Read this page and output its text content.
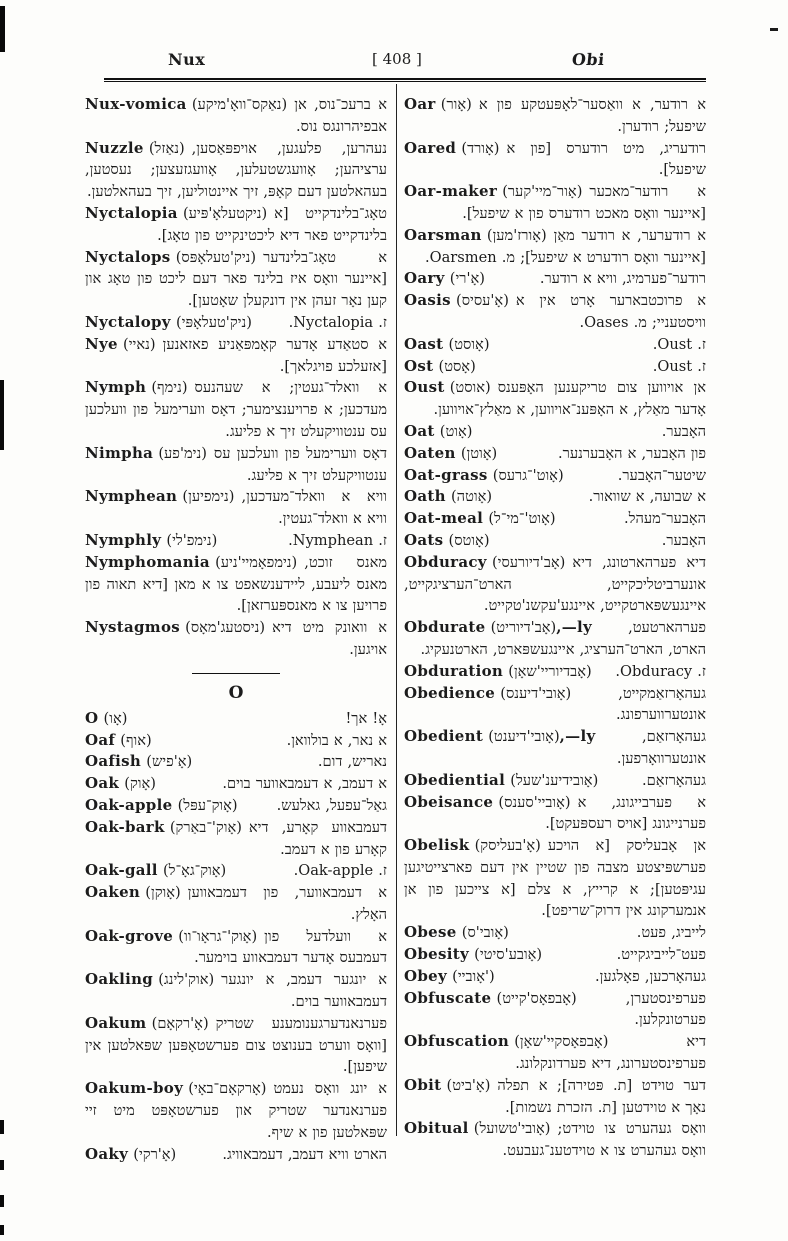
Nux	[ 408 ]	Obi

Nux-vomica (נאַקס־וואָ'מיקע) א ברעכ־נוס, אן אבפיהרונגס נוס.

Nuzzle (נאַזל) נעהרען, פלעגען, אויפפּאַסען, ערציהען; אָוועגשטעלען, אָוועגזעצען; נעסטען, בעהאלטען דעם קאָפּ, זיך איינטוליען, זיך בעהאלטען.

Nyctalopia (ניקטעלאָ'פּיע) טאָג־בלינדקייט [א בלינדקייט פאר דיא ליכטינקייט פון טאָג].

Nyctalops (ניק'טעלאָפּס) א טאָג־בלינדער [איינער וואָס איז בלינד פאר דעם ליכט פון טאָג און קען נאָר זעהן אין דונקעלן שאָטען].

Nyctalopy (ניק'טעלאָפּי)	ז. Nyctalopia.

Nye (נאיי) א סטאַדע אָדער קאָמפּאַניע פאזאנען [אזעלכע פויגלאך].

Nymph (נימף) א וואלד־געטין; א שעהנעס מעדכען; א פרויענצימער; דאָס ווערימעל פון וועלכען עס ענטוויקעלט זיך א פליעג.

Nimpha (נימ'פע) דאָס ווערימעל פון וועלכען עס ענטוויקעלט זיך א פליעג.

Nymphean (נימפיען) וויא א וואלד־מעדכען, וויא א וואלד־געטין.

Nymphly (נימפ'לי)	ז. Nymphean.

Nymphomania (נימפאָמיי'ניע) מאנס זוכט, מאנס ליעבע, ליידענשאפט צו א מאן [דיא תאוה פון פרויען צו א מאנספּערזאן].

Nystagmos (ניסטעג'מאָס) א וואונק מיט דיא אויגען.

O

O (אָו)	אָ! אך!

Oaf (אוף)	א נאר, א בולוואן.

Oafish (אָ'פיש)	נאריש, דום.

Oak (אָוק)	א דעמב, א דעמבאווער בוים.

Oak-apple (אָוק־עפּל)	גאַל־עפעל, גאלעש.

Oak-bark (אָוק'־באַרק) דעמבאווע קאָרע, דיא קאָרע פון א דעמב.

Oak-gall (אָוק־גאָ־ל)	ז. Oak-apple.

Oaken (אָוקן) א דעמבאווער, פון דעמבאווען האָלץ.

Oak-grove (אָוק'־גראָו־וו) א וועלדעל פון דעמבעס אָדער דעמבאווע בוימער.

Oakling (אוק'לינג) א יונגער דעמב, א יונגער דעמבאווער בוים.

Oakum (אָ'רקאָם) פערנאנדערגענומענע שטריק [וואָס ווערט בענוצט צום פערשטאָפּען שפּאלטען אין שיפען].

Oakum-boy (אָרקאָם־באָי) א יונג וואָס נעמט פערנאנדער שטריק און פערשטאָפּט מיט זיי שפּאלטען פון א שיף.

Oaky (אָ'רקי)	הארט וויא דעמב, דעמבאוויג.

Oar (אָור) א רודער, א וואַסער־לאָפּעטקע פון א שיפעל; רודערן.

Oared (אָורד) רודעריג, מיט רודערס [פון א שיפעל].

Oar-maker (אָור־מיי'קער) א רודער־מאכער [איינער וואָס מאכט רודערס פון א שיפעל].

Oarsman (אָורז'מען) א רודערער, א רודער מאַן [איינער וואָס רודערט א שיפעל]; מ. Oarsmen.

Oary (אָ'רי)	רודער־פערמיג, וויא א רודער.

Oasis (אָ'עסיס) א פרוכטבארער אָרט אין א וויסטעניי; מ. Oases.

Oast (אָוסט)	ז. Oust.

Ost (אָסט)	ז. Oust.

Oust (אוסט) אן אויווען צום טריקענען האָפּענס אָדער מאַלץ, א האָפּענ־אויווען, א מאַלץ־אויווען.

Oat (אָוט)	האָבער.

Oaten (אָוטן)	פון האָבער, א האָבערנער.

Oat-grass (אָוט'־גרעס)	שיטער־האָבער.

Oath (אָוטה)	א שבועה, א שוואור.

Oat-meal (אָוט'־מי־ל)	האָבער־מעהל.

Oats (אָוטס)	האָבער.

Obduracy (אָב'דיורעסי) דיא פערהארטונג, דיא אונערביטליכקייט, הארט־הערציגקייט, איינגעשפּארטקייט, איינגע'עקשנ'טקייט.

Obdurate (אָב'דיוריט),—ly פערהארטעט, הארט, הארט־הערציג, איינגעשפּארט, הארטנעקיג.

Obduration (אָבדיוריי'שאָן) ז. Obduracy.

Obedience (אָובי'דיענס)	געהאָרזאַמקייט, אונטערווערפונג.

Obedient (אָובי'דיענט),—ly	געהאָרזאַם, אונטערוואָרפען.

Obediential (אָובידיענ'שעל)	געהאָרזאַם.

Obeisance (אָוביי'סענס) א פערבייגונג, א פערנייגונג [אויס רעספּעקט].

Obelisk (אָ'בעליסק) אן אָבעליסק [א הויכע פערשפּיצטע מצבה פון שטיין אין דעם פארצייטיגען עגיפּטען]; א קרייץ, א צלם [א צייכען פון אן אנמערקונג אין דרוק־שריפט].

Obese (אָובי'ס)	לייביג, פעט.

Obesity (אָובע'סיטי)	פעט־לייביגקייט.

Obey (אָוביי')	געהאָרכען, פאָלגען.

Obfuscate (אָבפאָס'קייט)	פערפינסטערן, פערטונקלען.

Obfuscation (אָבפאָסקיי'שאָן)	דיא פערפינסטערונג, דיא פערדונקלונג.

Obit (אָ'ביט) דער טוידט [ת. פּטירה]; א תפלה נאָך א טוידטען [ת. הזכרת נשמות].

Obitual (אָובי'טשועל) וואָס געהערט צו טוידט; וואָס געהערט צו א טוידטענ־געבעט.
